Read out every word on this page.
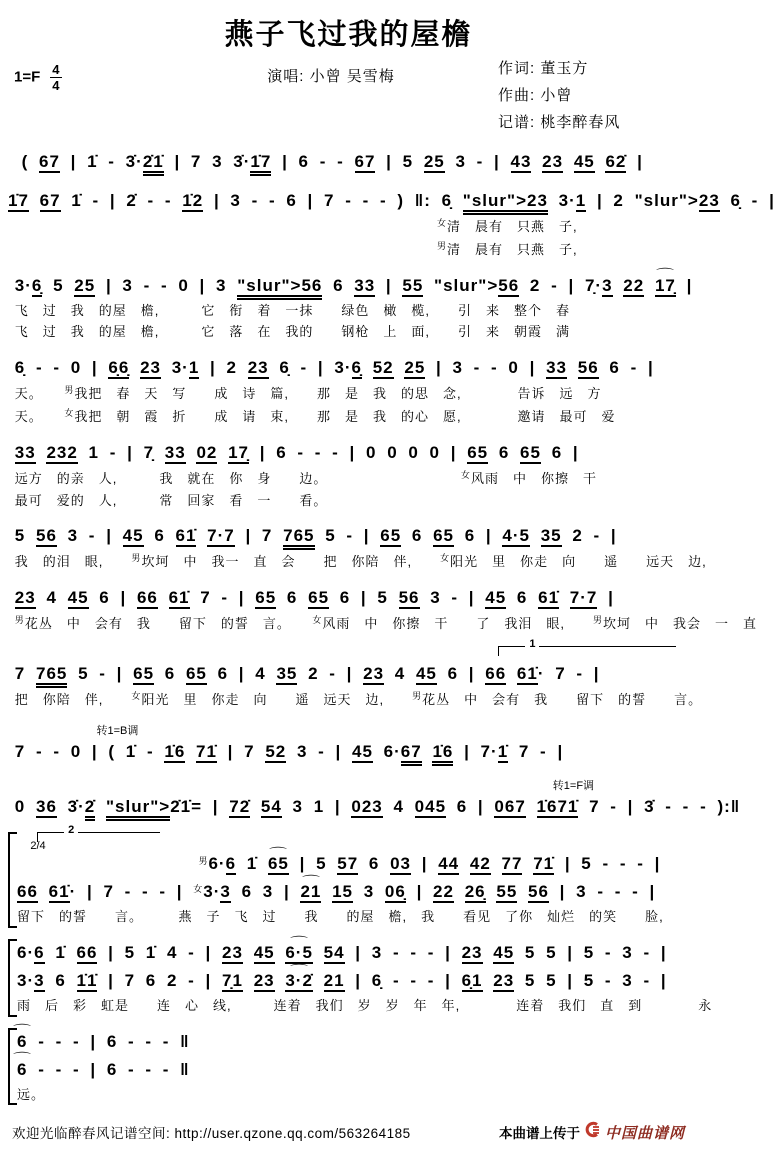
燕子飞过我的屋檐
$1=F \frac{4}{4}$	演唱: 小曾 吴雪梅	作词: 董玉方
作曲: 小曾
记谱: 桃李醉春风
( 67 | 1̇ - 3̇·2̇1̇ | 7 3 3̇·1̇7 | 6 - - 67 | 5 25 3 - | 43 23 45 62̇ |
1̇7 67 1̇ - | 2̇ - - 1̇2 | 3 - - 6 | 7 - - - ) ‖: 6̣ "slur">23 3·1 | 2 "slur">23 6̣ - |
$^女$清　晨有　只燕　子,
$^男$清　晨有　只燕　子,
3·6̣ 5 25 | 3 - - 0 | 3 "slur">56 6 33 | 55 "slur">56 2 - | 7̣·3 22 ⌒ 17̣ |
飞　过　我　的屋　檐,　　　它　衔　着　一抹　　绿色　橄　榄,　　引　来　整个　春
飞　过　我　的屋　檐,　　　它　落　在　我的　　钢枪　上　面,　　引　来　朝霞　满
6̣ - - 0 | 6̣6̣ 23 3·1 | 2 23 6̣ - | 3·6̣ 52 25 | 3 - - 0 | 33 56 6 - |
天。　　$^男$我把　春　天　写　　成　诗　篇,　　那　是　我　的思　念,　　　　告诉　远　方
天。　　$^女$我把　朝　霞　折　　成　请　束,　　那　是　我　的心　愿,　　　　邀请　最可　爱
33 232 1 - | 7̣ 33 02 17̣ | 6 - - - | 0 0 0 0 | 65 6 65 6 |
远方　的亲　人,　　　我　就在　你　身　　边。　　　　　　　　　　$^女$风雨　中　你擦　干
最可　爱的　人,　　　常　回家　看　一　　看。
5 56 3 - | 45 6 61̇ 7·7 | 7 765 5 - | 65 6 65 6 | 4·5 35 2 - |
我　的泪　眼,　　$^男$坎坷　中　我一　直　会　　把　你陪　伴,　　$^女$阳光　里　你走　向　　遥　　远天　边,
23 4 45 6 | 66 61̇ 7 - | 65 6 65 6 | 5 56 3 - | 45 6 61̇ 7·7 |
$^男$花丛　中　会有　我　　留下　的誓　言。　　$^女$风雨　中　你擦　干　　了　我泪　眼,　　$^男$坎坷　中　我会　一　直
1
7 765 5 - | 65 6 65 6 | 4 35 2 - | 23 4 45 6 | 66 61̇· 7 - |
把　你陪　伴,　　$^女$阳光　里　你走　向　　遥　远天　边,　　$^男$花丛　中　会有　我　　留下　的誓　　言。
转1=B调
7 - - 0 | ( 1̇ - 1̇6 71̇ | 7 52 3 - | 45 6·67 1̇6 | 7·1̇ 7 - |
转1=F调
0 36 3̇·2̇ "slur">2̇1̇= | 72̇ 54 3 1 | 023 4 045 6 | 067 1̇671̇ 7 - | 3̇ - - - ):‖
2
2/4
$^男$6·6 1̇ ⌒ 65 | 5 57 6 03 | 44 42 77 71̇ | 5 - - - |
66 61̇· | 7 - - - | $^女$3·3 6 3 | ⌒ 21 15 3 06̣ | 22 26̣ 55 56 | 3 - - - |
留下　的誓　　言。　　　燕　子　飞　过　　我　　的屋　檐,　我　　看见　了你　灿烂　的笑　　脸,
6·6 1̇ 66 | 5 1̇ 4 - | 23 45 ⌒ 6·5 54 | 3 - - - | 23 45 5 5 | 5 - 3 - |
3·3 6 1̇1̇ | 7 6 2 - | 7̣1 23 ⌒ 3·2̇ 21 | 6̣ - - - | 6̣1 23 5 5 | 5 - 3 - |
雨　后　彩　虹是　　连　心　线,　　　连着　我们　岁　岁　年　年,　　　　连着　我们　直　到　　　　永
⌒ 6 - - - | 6 - - - ‖
⌒ 6 - - - | 6 - - - ‖
远。
欢迎光临醉春风记谱空间: http://user.qzone.qq.com/563264185	本曲谱上传于 中国曲谱网
